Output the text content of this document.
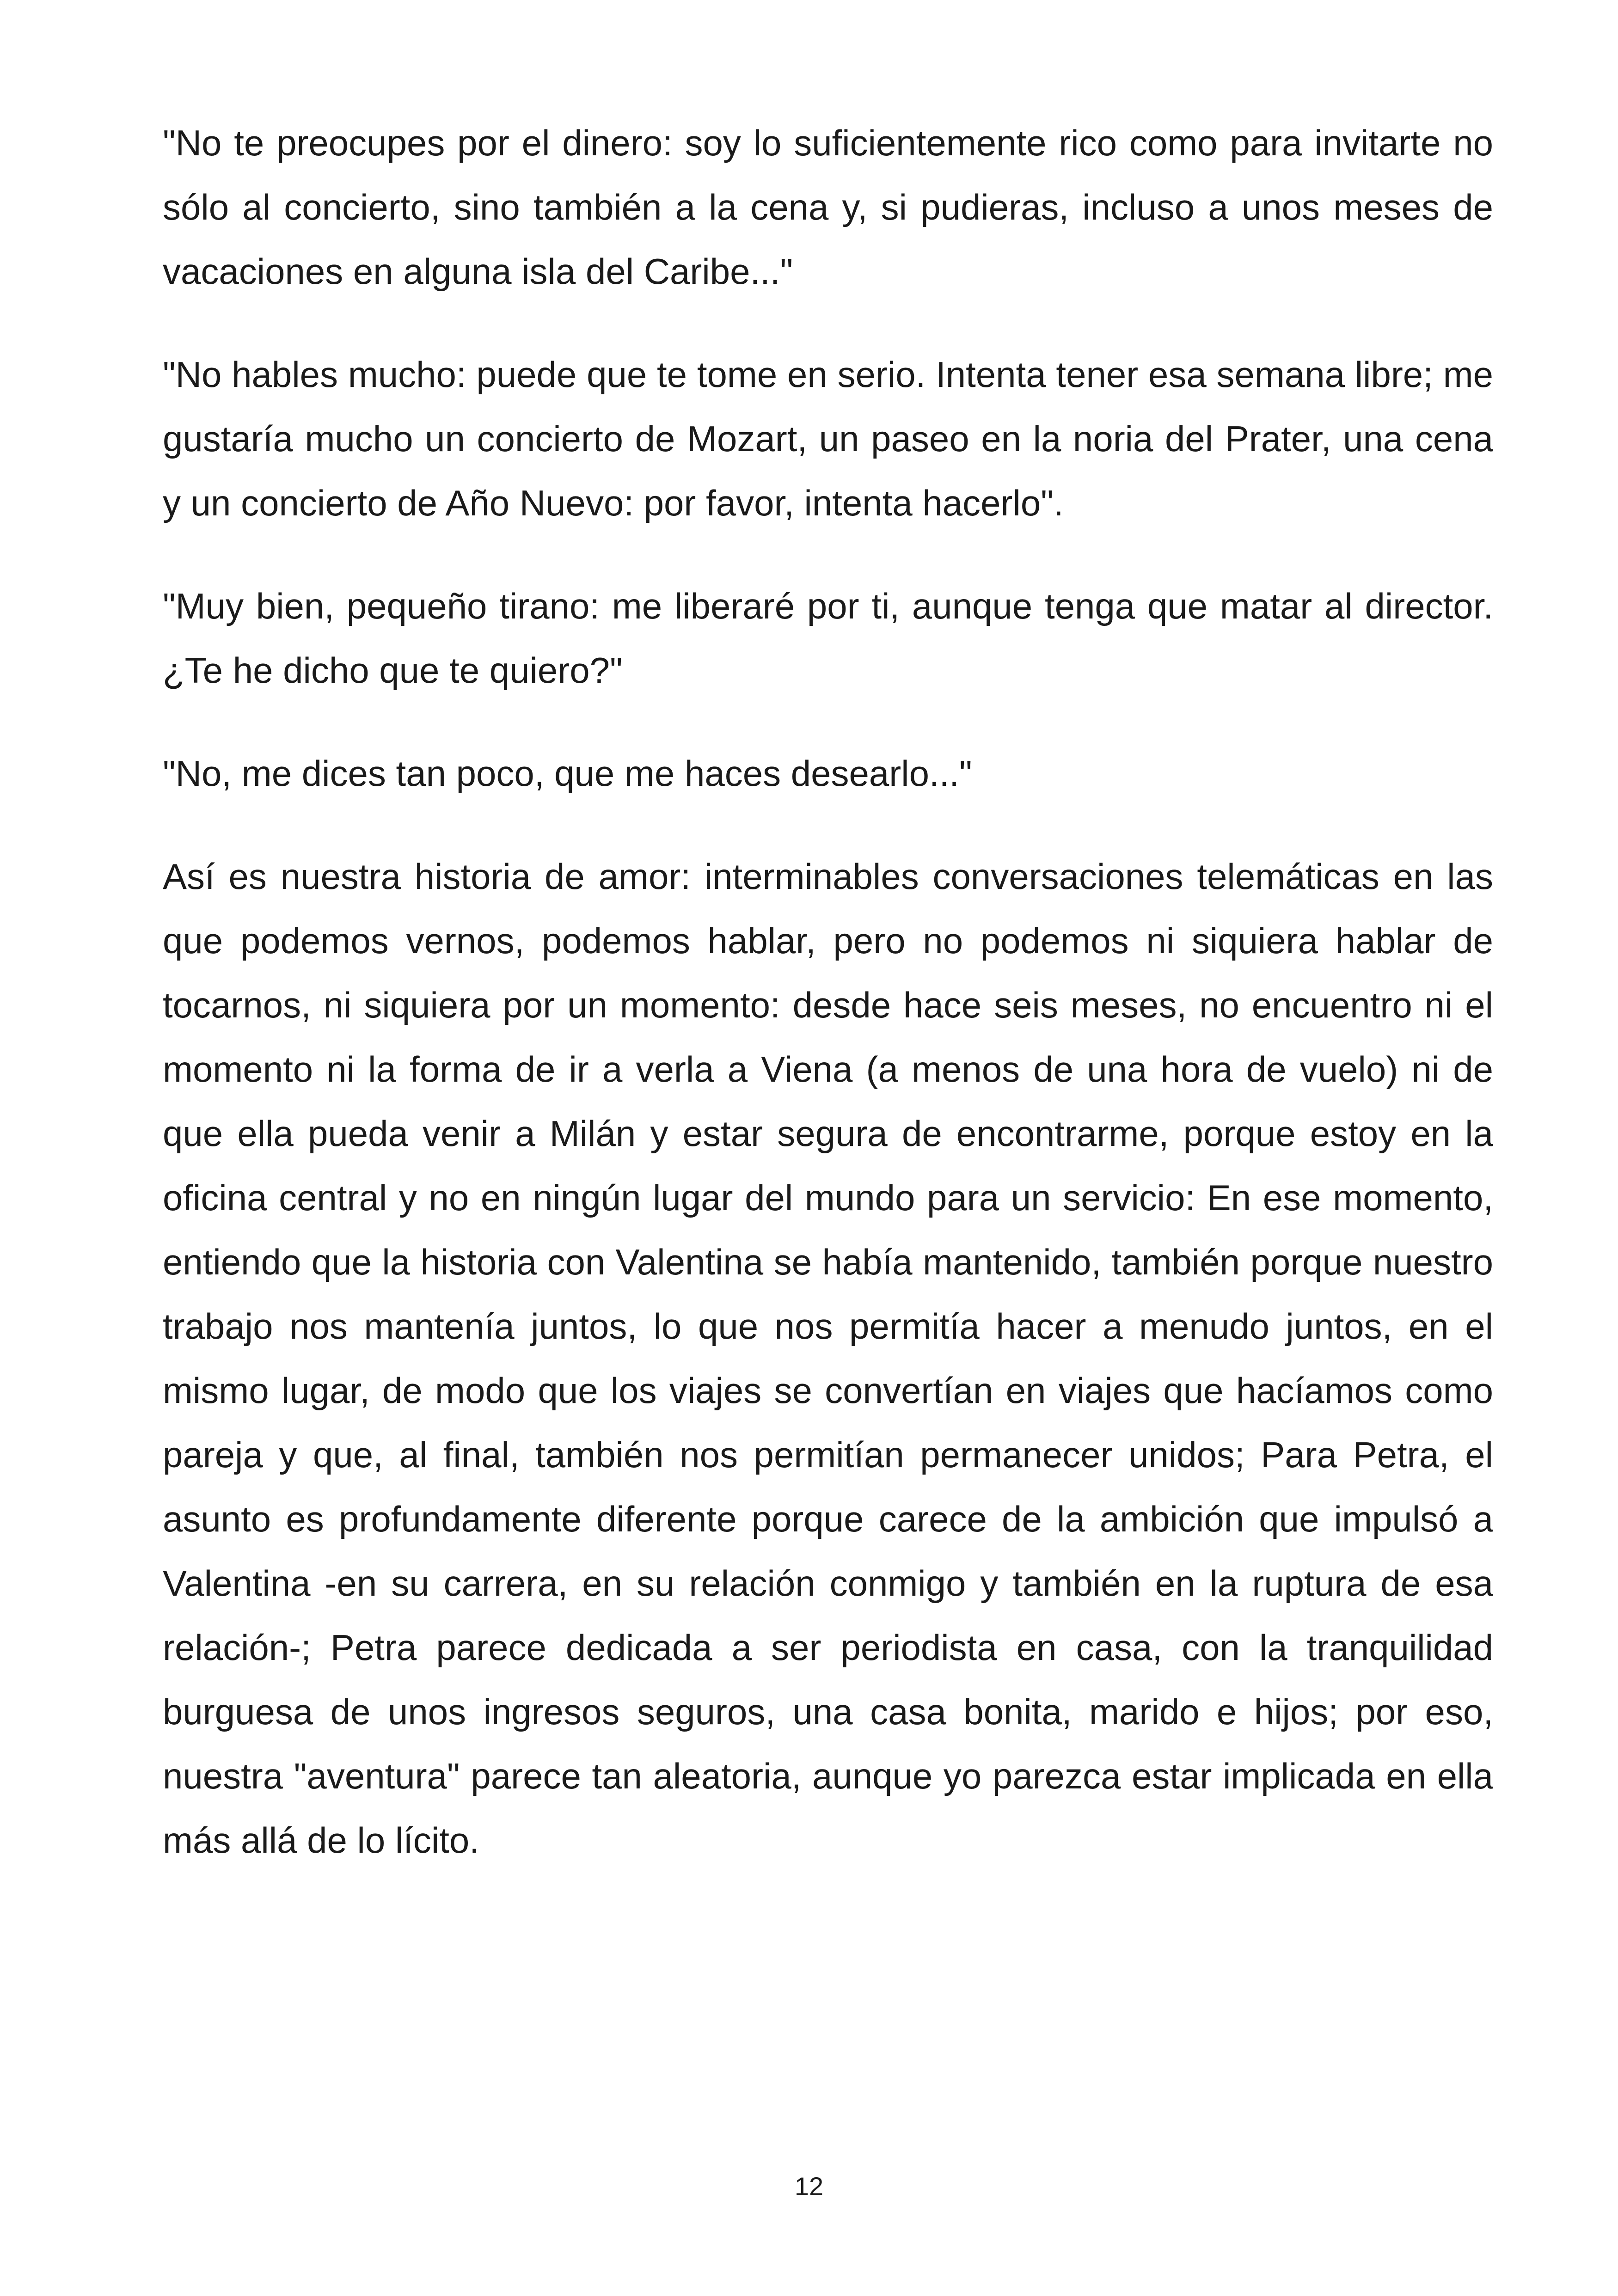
"No te preocupes por el dinero: soy lo suficientemente rico como para invitarte no sólo al concierto, sino también a la cena y, si pudieras, incluso a unos meses de vacaciones en alguna isla del Caribe..."

"No hables mucho: puede que te tome en serio. Intenta tener esa semana libre; me gustaría mucho un concierto de Mozart, un paseo en la noria del Prater, una cena y un concierto de Año Nuevo: por favor, intenta hacerlo".

"Muy bien, pequeño tirano: me liberaré por ti, aunque tenga que matar al director. ¿Te he dicho que te quiero?"

"No, me dices tan poco, que me haces desearlo..."

Así es nuestra historia de amor: interminables conversaciones telemáticas en las que podemos vernos, podemos hablar, pero no podemos ni siquiera hablar de tocarnos, ni siquiera por un momento: desde hace seis meses, no encuentro ni el momento ni la forma de ir a verla a Viena (a menos de una hora de vuelo) ni de que ella pueda venir a Milán y estar segura de encontrarme, porque estoy en la oficina central y no en ningún lugar del mundo para un servicio: En ese momento, entiendo que la historia con Valentina se había mantenido, también porque nuestro trabajo nos mantenía juntos, lo que nos permitía hacer a menudo juntos, en el mismo lugar, de modo que los viajes se convertían en viajes que hacíamos como pareja y que, al final, también nos permitían permanecer unidos; Para Petra, el asunto es profundamente diferente porque carece de la ambición que impulsó a Valentina -en su carrera, en su relación conmigo y también en la ruptura de esa relación-; Petra parece dedicada a ser periodista en casa, con la tranquilidad burguesa de unos ingresos seguros, una casa bonita, marido e hijos; por eso, nuestra "aventura" parece tan aleatoria, aunque yo parezca estar implicada en ella más allá de lo lícito.

12
